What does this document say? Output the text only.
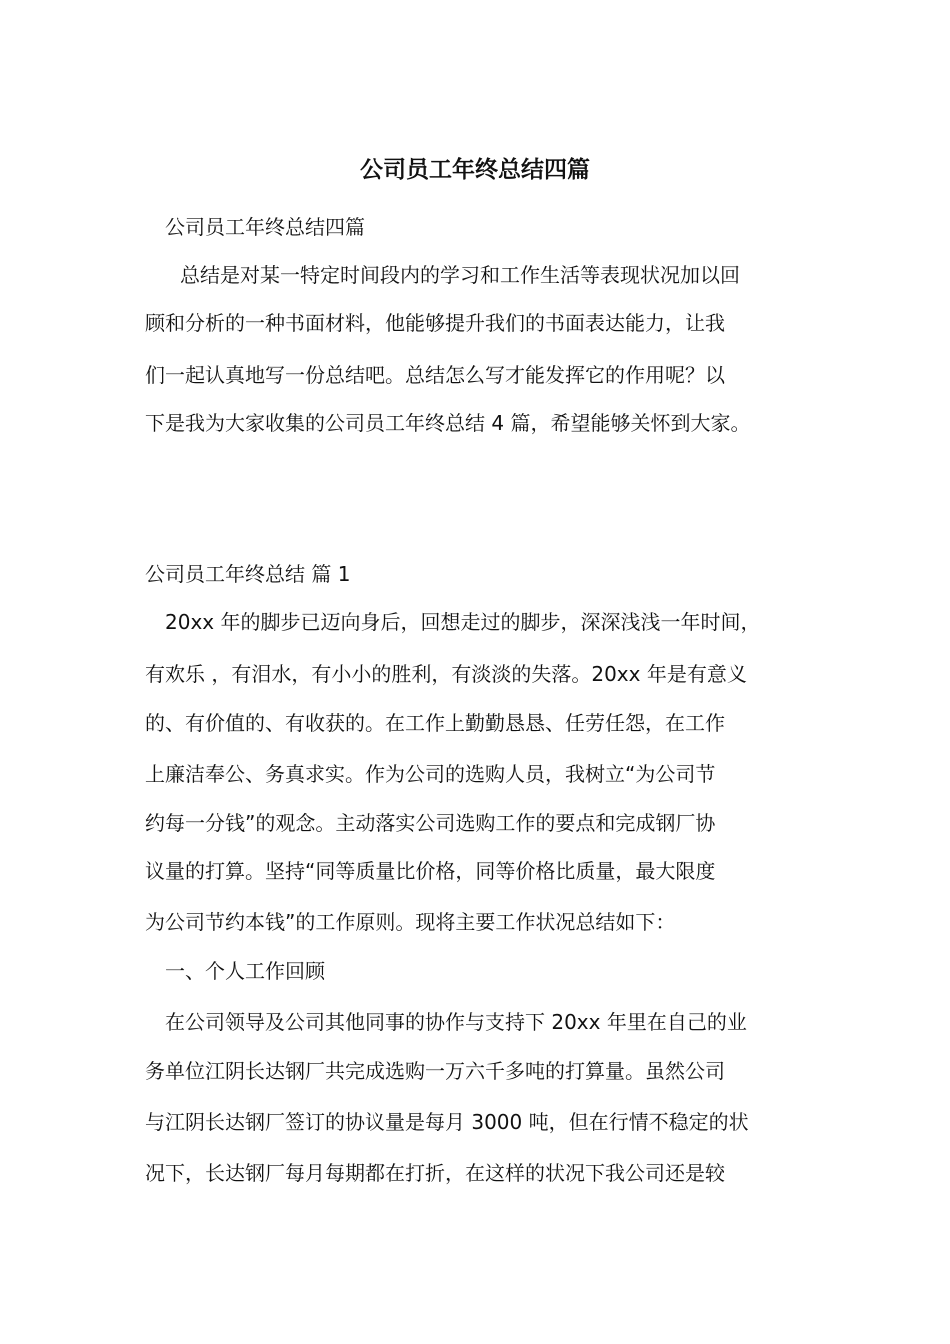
公司员工年终总结四篇
公司员工年终总结四篇
总结是对某一特定时间段内的学习和工作生活等表现状况加以回
顾和分析的一种书面材料，他能够提升我们的书面表达能力，让我
们一起认真地写一份总结吧。总结怎么写才能发挥它的作用呢？以
下是我为大家收集的公司员工年终总结 4 篇，希望能够关怀到大家。
公司员工年终总结 篇 1
20xx 年的脚步已迈向身后，回想走过的脚步，深深浅浅一年时间，
有欢乐 ，有泪水，有小小的胜利，有淡淡的失落。20xx 年是有意义
的、有价值的、有收获的。在工作上勤勤恳恳、任劳任怨，在工作
上廉洁奉公、务真求实。作为公司的选购人员，我树立“为公司节
约每一分钱”的观念。主动落实公司选购工作的要点和完成钢厂协
议量的打算。坚持“同等质量比价格，同等价格比质量，最大限度
为公司节约本钱”的工作原则。现将主要工作状况总结如下：
一、个人工作回顾
在公司领导及公司其他同事的协作与支持下 20xx 年里在自己的业
务单位江阴长达钢厂共完成选购一万六千多吨的打算量。虽然公司
与江阴长达钢厂签订的协议量是每月 3000 吨，但在行情不稳定的状
况下，长达钢厂每月每期都在打折，在这样的状况下我公司还是较
